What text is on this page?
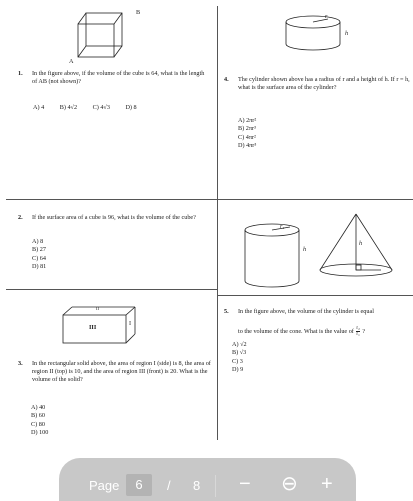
B
A
1. In the figure above, if the volume of the cube is 64, what is the length of AB (not shown)?
A) 4	B) 4√2	C) 4√3	D) 8
r
h
4. The cylinder shown above has a radius of r and a height of h. If r = h, what is the surface area of the cylinder?
A) 2πr²
B) 2πr³
C) 4πr²
D) 4πr³
2. If the surface area of a cube is 96, what is the volume of the cube?
A) 8
B) 27
C) 64
D) 81
r₁
h
h
5. In the figure above, the volume of the cylinder is equal
to the volume of the cone. What is the value of $\frac{\text{r₂}}{\text{r₁}}$ ?
A) √2
B) √3
C) 3
D) 9
II
III
I
3. In the rectangular solid above, the area of region I (side) is 8, the area of region II (top) is 10, and the area of region III (front) is 20. What is the volume of the solid?
A) 40
B) 60
C) 80
D) 100
Page	6	/ 8 − ⊖ +
